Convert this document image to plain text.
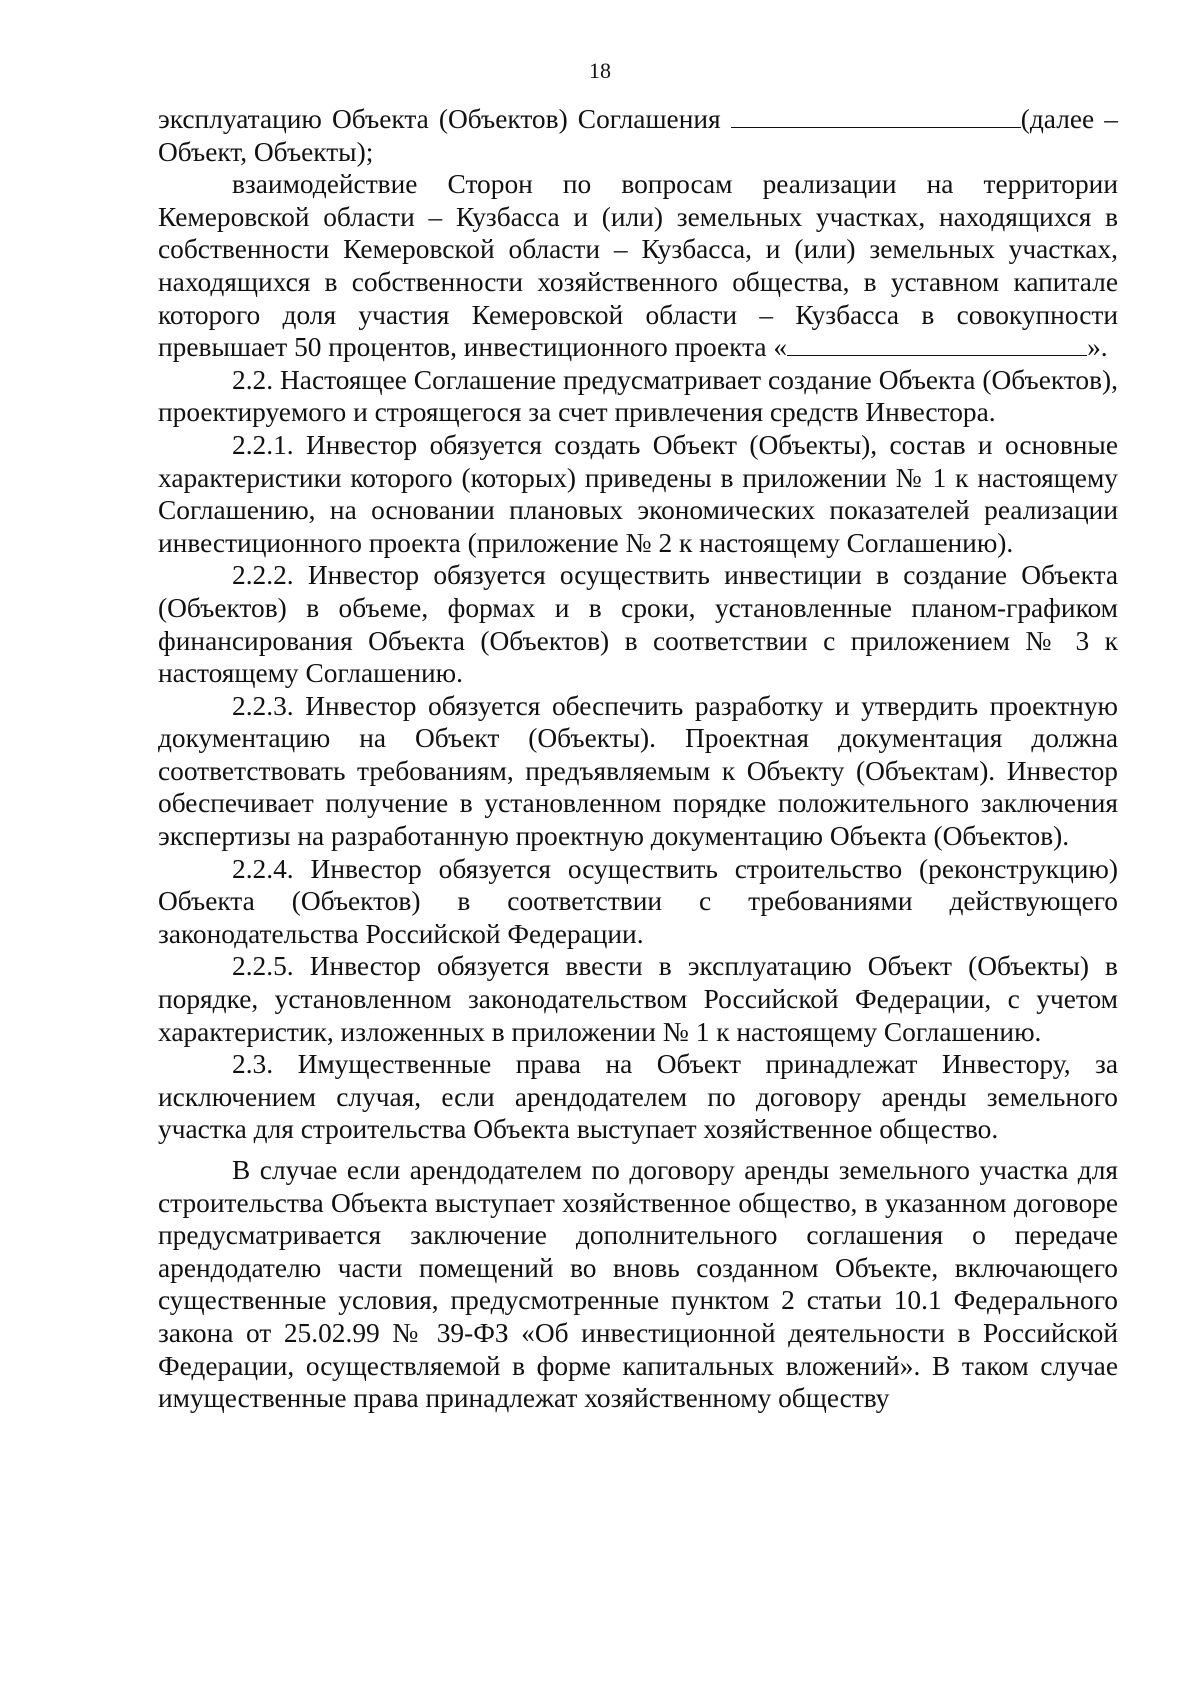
18

эксплуатацию Объекта (Объектов) Соглашения	(далее – Объект, Объекты);

взаимодействие Сторон по вопросам реализации на территории Кемеровской области – Кузбасса и (или) земельных участках, находящихся в собственности Кемеровской области – Кузбасса, и (или) земельных участках, находящихся в собственности хозяйственного общества, в уставном капитале которого доля участия Кемеровской области – Кузбасса в совокупности превышает 50 процентов, инвестиционного проекта «	».

2.2. Настоящее Соглашение предусматривает создание Объекта (Объектов), проектируемого и строящегося за счет привлечения средств Инвестора.

2.2.1. Инвестор обязуется создать Объект (Объекты), состав и основные характеристики которого (которых) приведены в приложении № 1 к настоящему Соглашению, на основании плановых экономических показателей реализации инвестиционного проекта (приложение № 2 к настоящему Соглашению).

2.2.2. Инвестор обязуется осуществить инвестиции в создание Объекта (Объектов) в объеме, формах и в сроки, установленные планом-графиком финансирования Объекта (Объектов) в соответствии с приложением № 3 к настоящему Соглашению.

2.2.3. Инвестор обязуется обеспечить разработку и утвердить проектную документацию на Объект (Объекты). Проектная документация должна соответствовать требованиям, предъявляемым к Объекту (Объектам). Инвестор обеспечивает получение в установленном порядке положительного заключения экспертизы на разработанную проектную документацию Объекта (Объектов).

2.2.4. Инвестор обязуется осуществить строительство (реконструкцию) Объекта (Объектов) в соответствии с требованиями действующего законодательства Российской Федерации.

2.2.5. Инвестор обязуется ввести в эксплуатацию Объект (Объекты) в порядке, установленном законодательством Российской Федерации, с учетом характеристик, изложенных в приложении № 1 к настоящему Соглашению.

2.3. Имущественные права на Объект принадлежат Инвестору, за исключением случая, если арендодателем по договору аренды земельного участка для строительства Объекта выступает хозяйственное общество.

В случае если арендодателем по договору аренды земельного участка для строительства Объекта выступает хозяйственное общество, в указанном договоре предусматривается заключение дополнительного соглашения о передаче арендодателю части помещений во вновь созданном Объекте, включающего существенные условия, предусмотренные пунктом 2 статьи 10.1 Федерального закона от 25.02.99 № 39-ФЗ «Об инвестиционной деятельности в Российской Федерации, осуществляемой в форме капитальных вложений». В таком случае имущественные права принадлежат хозяйственному обществу
